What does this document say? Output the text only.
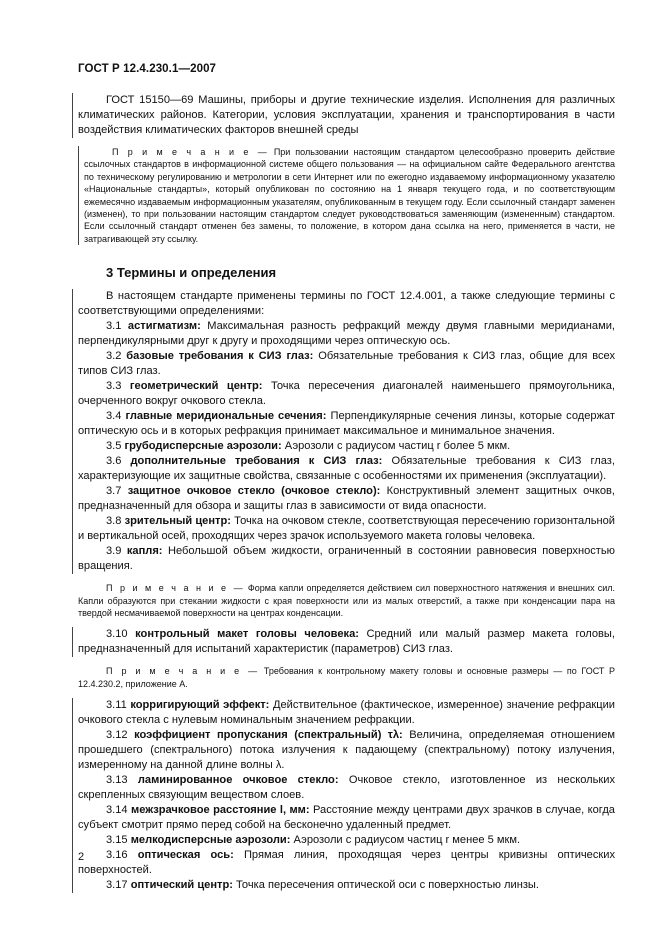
ГОСТ Р 12.4.230.1—2007

ГОСТ 15150—69 Машины, приборы и другие технические изделия. Исполнения для различных климатических районов. Категории, условия эксплуатации, хранения и транспортирования в части воздействия климатических факторов внешней среды

П р и м е ч а н и е — При пользовании настоящим стандартом целесообразно проверить действие ссылочных стандартов в информационной системе общего пользования — на официальном сайте Федерального агентства по техническому регулированию и метрологии в сети Интернет или по ежегодно издаваемому информационному указателю «Национальные стандарты», который опубликован по состоянию на 1 января текущего года, и по соответствующим ежемесячно издаваемым информационным указателям, опубликованным в текущем году. Если ссылочный стандарт заменен (изменен), то при пользовании настоящим стандартом следует руководствоваться заменяющим (измененным) стандартом. Если ссылочный стандарт отменен без замены, то положение, в котором дана ссылка на него, применяется в части, не затрагивающей эту ссылку.

3 Термины и определения

В настоящем стандарте применены термины по ГОСТ 12.4.001, а также следующие термины с соответствующими определениями:

3.1 астигматизм: Максимальная разность рефракций между двумя главными меридианами, перпендикулярными друг к другу и проходящими через оптическую ось.

3.2 базовые требования к СИЗ глаз: Обязательные требования к СИЗ глаз, общие для всех типов СИЗ глаз.

3.3 геометрический центр: Точка пересечения диагоналей наименьшего прямоугольника, очерченного вокруг очкового стекла.

3.4 главные меридиональные сечения: Перпендикулярные сечения линзы, которые содержат оптическую ось и в которых рефракция принимает максимальное и минимальное значения.

3.5 грубодисперсные аэрозоли: Аэрозоли с радиусом частиц r более 5 мкм.

3.6 дополнительные требования к СИЗ глаз: Обязательные требования к СИЗ глаз, характеризующие их защитные свойства, связанные с особенностями их применения (эксплуатации).

3.7 защитное очковое стекло (очковое стекло): Конструктивный элемент защитных очков, предназначенный для обзора и защиты глаз в зависимости от вида опасности.

3.8 зрительный центр: Точка на очковом стекле, соответствующая пересечению горизонтальной и вертикальной осей, проходящих через зрачок используемого макета головы человека.

3.9 капля: Небольшой объем жидкости, ограниченный в состоянии равновесия поверхностью вращения.

П р и м е ч а н и е — Форма капли определяется действием сил поверхностного натяжения и внешних сил. Капли образуются при стекании жидкости с края поверхности или из малых отверстий, а также при конденсации пара на твердой несмачиваемой поверхности на центрах конденсации.

3.10 контрольный макет головы человека: Средний или малый размер макета головы, предназначенный для испытаний характеристик (параметров) СИЗ глаз.

П р и м е ч а н и е — Требования к контрольному макету головы и основные размеры — по ГОСТ Р 12.4.230.2, приложение А.

3.11 корригирующий эффект: Действительное (фактическое, измеренное) значение рефракции очкового стекла с нулевым номинальным значением рефракции.

3.12 коэффициент пропускания (спектральный) τλ: Величина, определяемая отношением прошедшего (спектрального) потока излучения к падающему (спектральному) потоку излучения, измеренному на данной длине волны λ.

3.13 ламинированное очковое стекло: Очковое стекло, изготовленное из нескольких скрепленных связующим веществом слоев.

3.14 межзрачковое расстояние l, мм: Расстояние между центрами двух зрачков в случае, когда субъект смотрит прямо перед собой на бесконечно удаленный предмет.

3.15 мелкодисперсные аэрозоли: Аэрозоли с радиусом частиц r менее 5 мкм.

3.16 оптическая ось: Прямая линия, проходящая через центры кривизны оптических поверхностей.

3.17 оптический центр: Точка пересечения оптической оси с поверхностью линзы.

2
